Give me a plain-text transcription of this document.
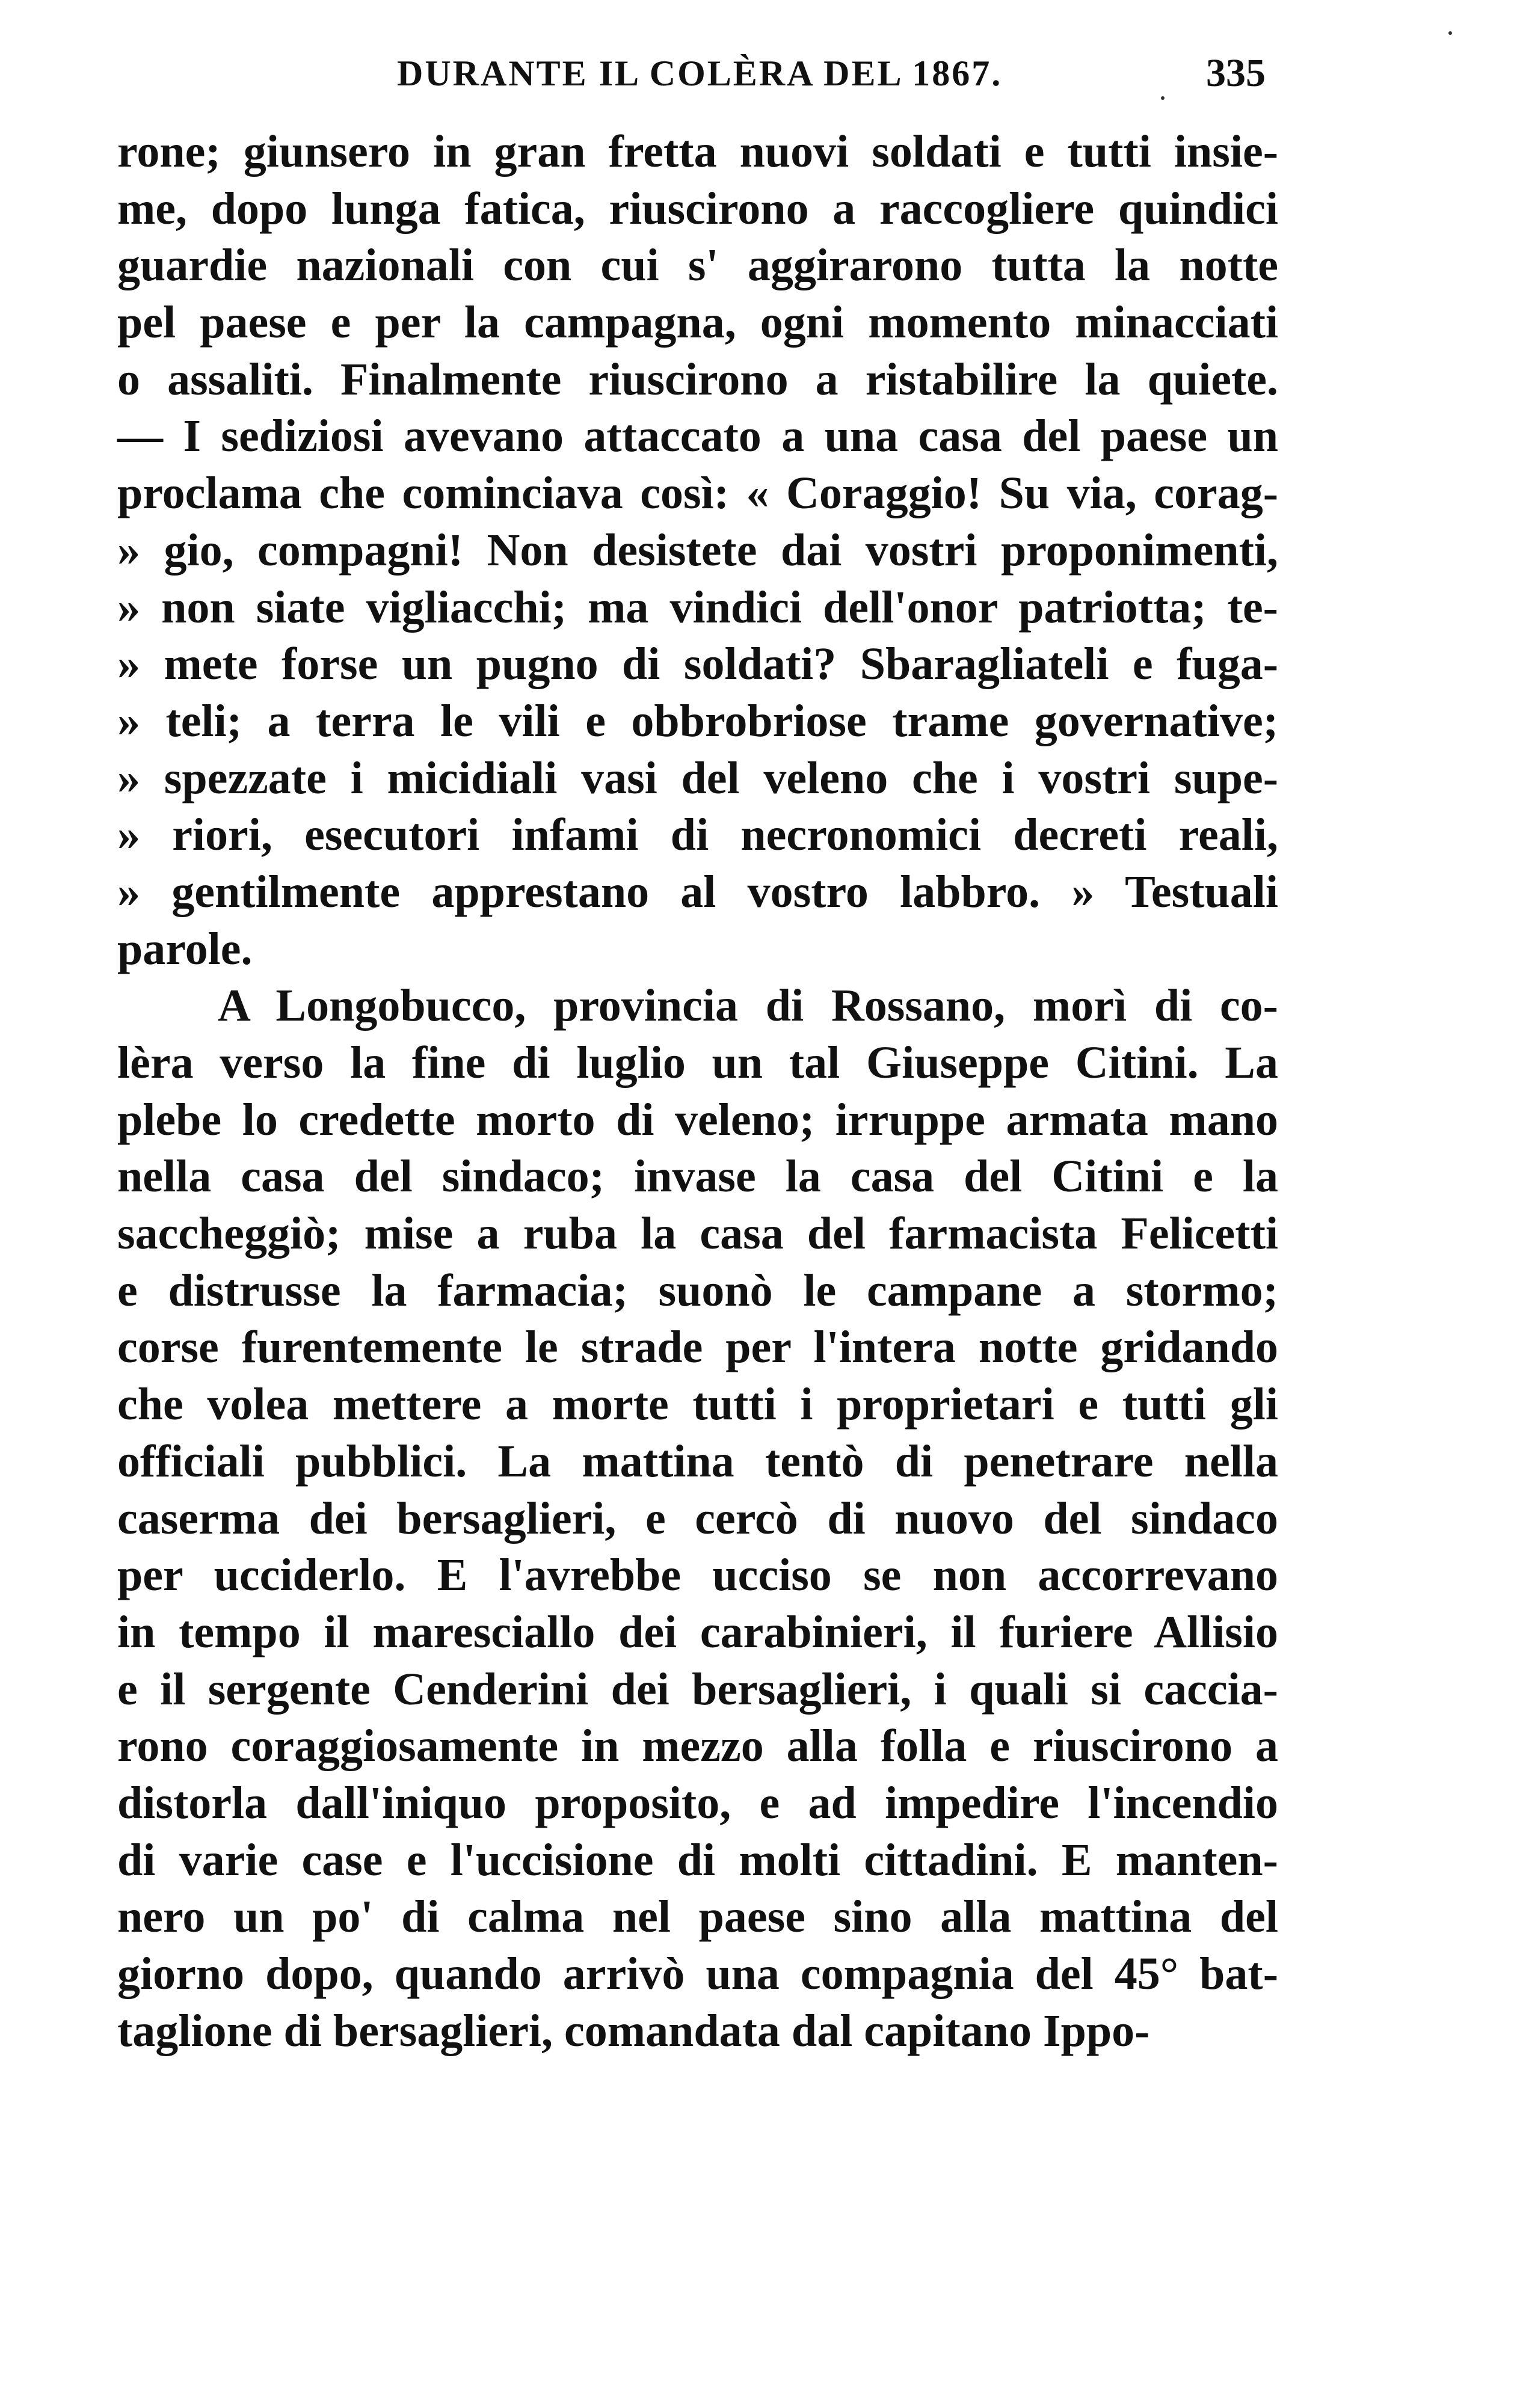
DURANTE IL COLÈRA DEL 1867.	335
rone; giunsero in gran fretta nuovi soldati e tutti insie-
me, dopo lunga fatica, riuscirono a raccogliere quindici
guardie nazionali con cui s' aggirarono tutta la notte
pel paese e per la campagna, ogni momento minacciati
o assaliti. Finalmente riuscirono a ristabilire la quiete.
— I sediziosi avevano attaccato a una casa del paese un
proclama che cominciava così: « Coraggio! Su via, corag-
» gio, compagni! Non desistete dai vostri proponimenti,
» non siate vigliacchi; ma vindici dell'onor patriotta; te-
» mete forse un pugno di soldati? Sbaragliateli e fuga-
» teli; a terra le vili e obbrobriose trame governative;
» spezzate i micidiali vasi del veleno che i vostri supe-
» riori, esecutori infami di necronomici decreti reali,
» gentilmente apprestano al vostro labbro. » Testuali
parole.
A Longobucco, provincia di Rossano, morì di co-
lèra verso la fine di luglio un tal Giuseppe Citini. La
plebe lo credette morto di veleno; irruppe armata mano
nella casa del sindaco; invase la casa del Citini e la
saccheggiò; mise a ruba la casa del farmacista Felicetti
e distrusse la farmacia; suonò le campane a stormo;
corse furentemente le strade per l'intera notte gridando
che volea mettere a morte tutti i proprietari e tutti gli
officiali pubblici. La mattina tentò di penetrare nella
caserma dei bersaglieri, e cercò di nuovo del sindaco
per ucciderlo. E l'avrebbe ucciso se non accorrevano
in tempo il maresciallo dei carabinieri, il furiere Allisio
e il sergente Cenderini dei bersaglieri, i quali si caccia-
rono coraggiosamente in mezzo alla folla e riuscirono a
distorla dall'iniquo proposito, e ad impedire l'incendio
di varie case e l'uccisione di molti cittadini. E manten-
nero un po' di calma nel paese sino alla mattina del
giorno dopo, quando arrivò una compagnia del 45° bat-
taglione di bersaglieri, comandata dal capitano Ippo-
